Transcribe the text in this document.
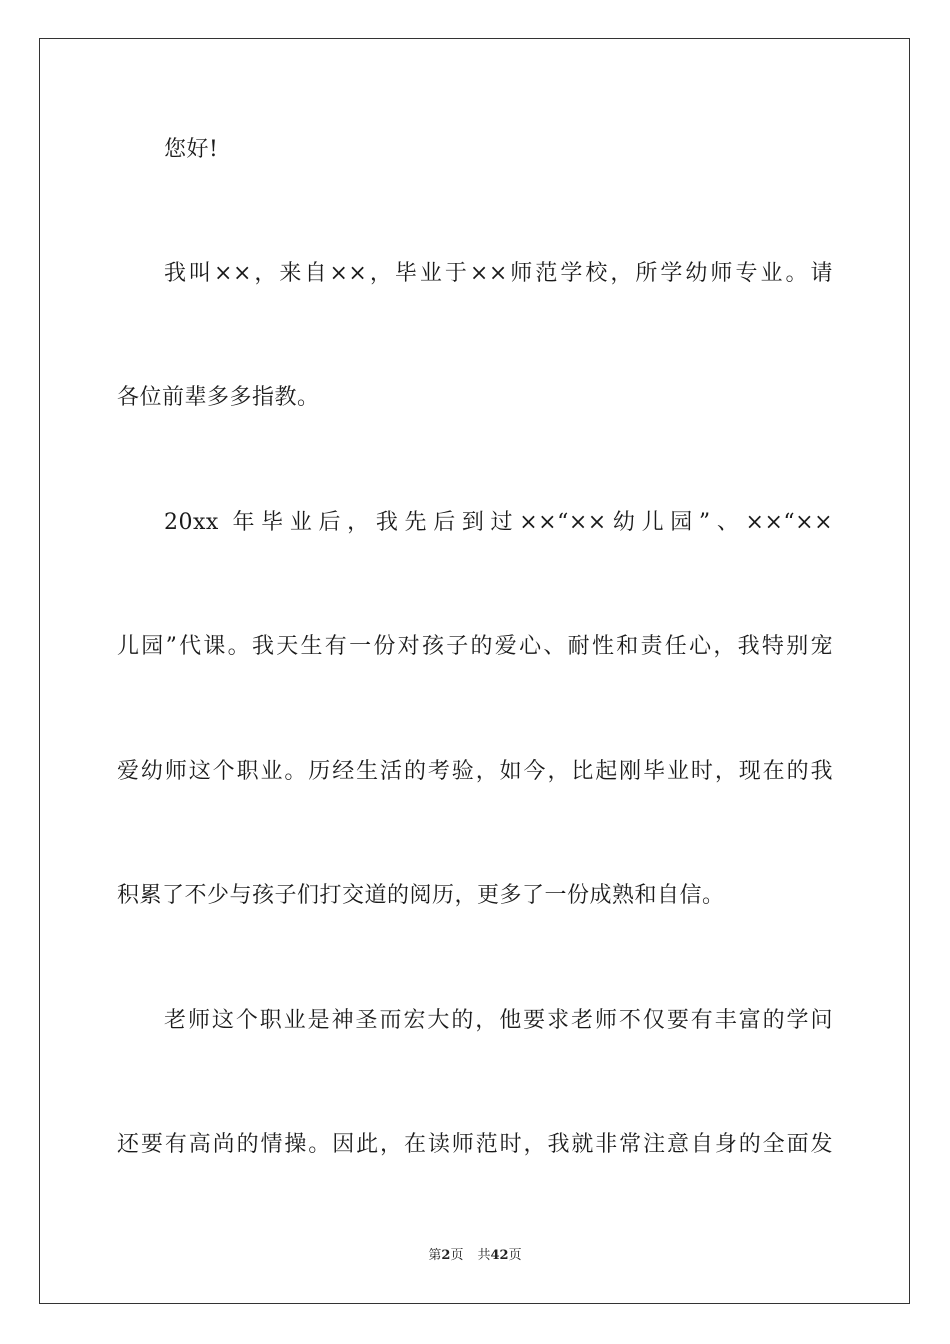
您好!
我叫××，来自××，毕业于××师范学校，所学幼师专业。请
各位前辈多多指教。
20xx 年毕业后，我先后到过××“××幼儿园”、××“××
儿园”代课。我天生有一份对孩子的爱心、耐性和责任心，我特别宠
爱幼师这个职业。历经生活的考验，如今，比起刚毕业时，现在的我
积累了不少与孩子们打交道的阅历，更多了一份成熟和自信。
老师这个职业是神圣而宏大的，他要求老师不仅要有丰富的学问
还要有高尚的情操。因此，在读师范时，我就非常注意自身的全面发
第2页 共42页
